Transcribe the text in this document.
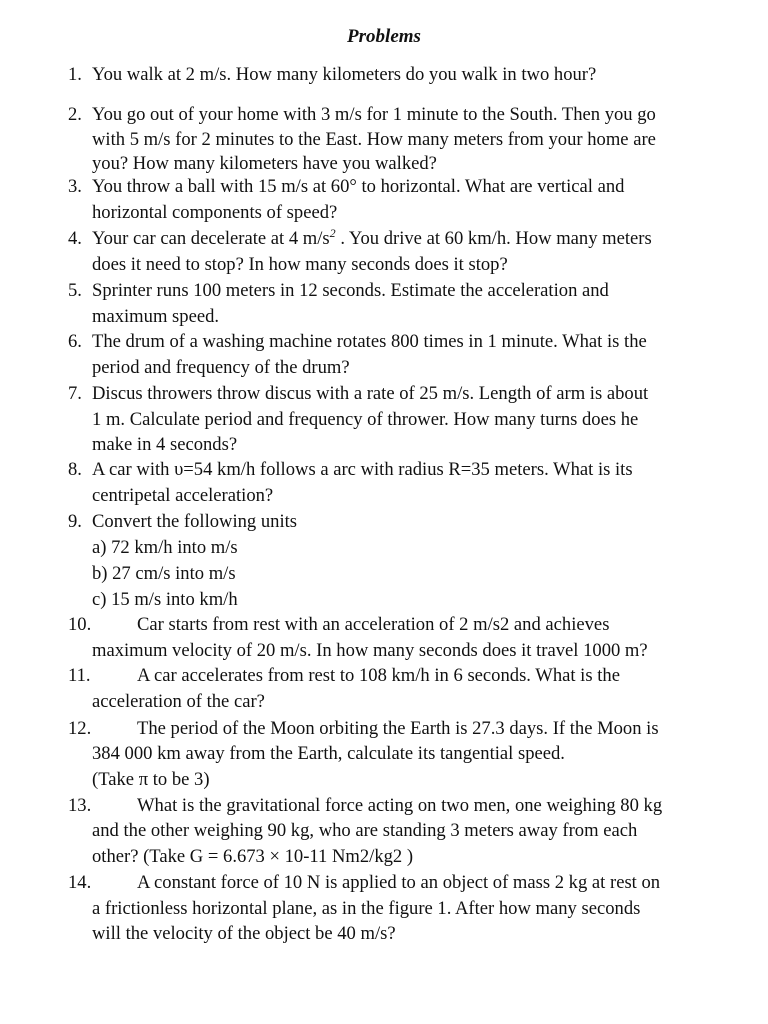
Problems
1. You walk at 2 m/s. How many kilometers do you walk in two hour?
2. You go out of your home with 3 m/s for 1 minute to the South. Then you go
with 5 m/s for 2 minutes to the East. How many meters from your home are
you? How many kilometers have you walked?
3. You throw a ball with 15 m/s at 60° to horizontal. What are vertical and
horizontal components of speed?
4. Your car can decelerate at 4 $m/s^2$ . You drive at 60 km/h. How many meters
does it need to stop? In how many seconds does it stop?
5. Sprinter runs 100 meters in 12 seconds. Estimate the acceleration and
maximum speed.
6. The drum of a washing machine rotates 800 times in 1 minute. What is the
period and frequency of the drum?
7. Discus throwers throw discus with a rate of 25 m/s. Length of arm is about
1 m. Calculate period and frequency of thrower. How many turns does he
make in 4 seconds?
8. A car with υ=54 km/h follows a arc with radius R=35 meters. What is its
centripetal acceleration?
9. Convert the following units
a) 72 km/h into m/s
b) 27 cm/s into m/s
c) 15 m/s into km/h
10. Car starts from rest with an acceleration of 2 m/s2 and achieves
maximum velocity of 20 m/s. In how many seconds does it travel 1000 m?
11. A car accelerates from rest to 108 km/h in 6 seconds. What is the
acceleration of the car?
12. The period of the Moon orbiting the Earth is 27.3 days. If the Moon is
384 000 km away from the Earth, calculate its tangential speed.
(Take π to be 3)
13. What is the gravitational force acting on two men, one weighing 80 kg
and the other weighing 90 kg, who are standing 3 meters away from each
other? (Take G = 6.673 × 10-11 Nm2/kg2 )
14. A constant force of 10 N is applied to an object of mass 2 kg at rest on
a frictionless horizontal plane, as in the figure 1. After how many seconds
will the velocity of the object be 40 m/s?
